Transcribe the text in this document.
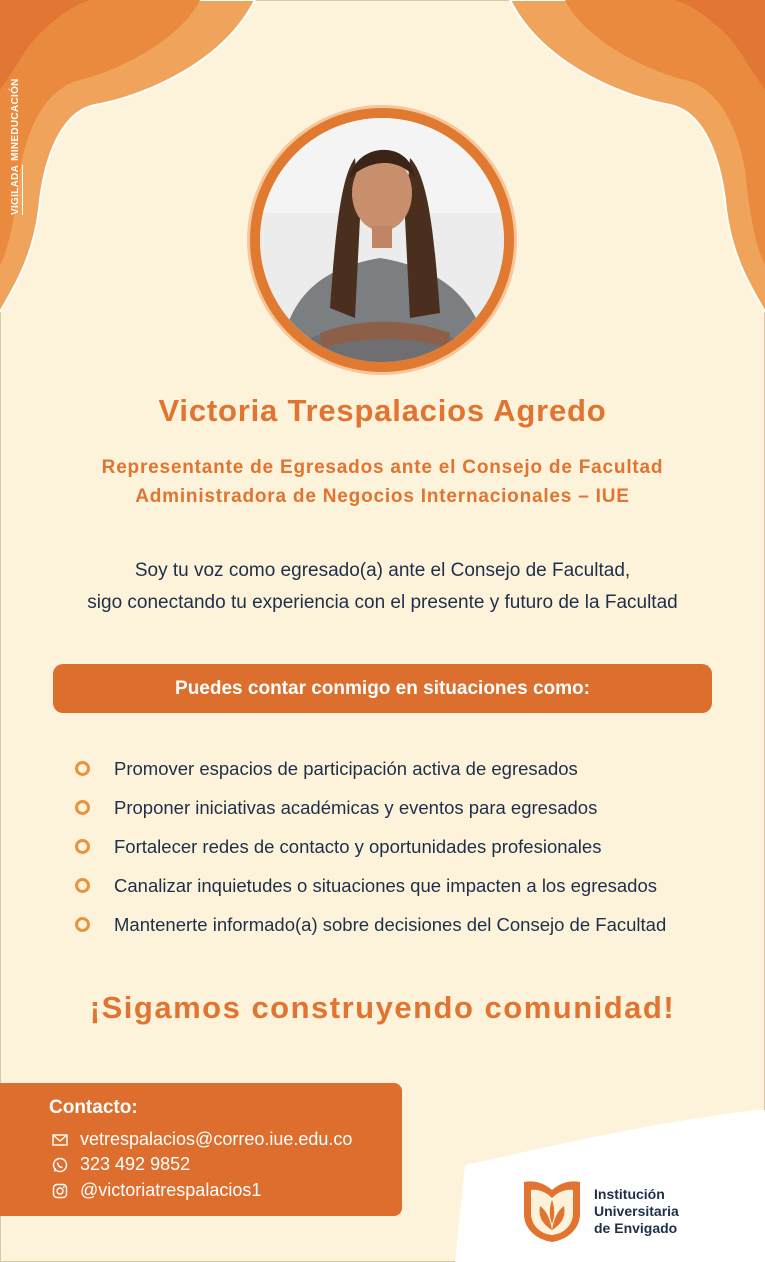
VIGILADAMINEDUCACIÓN
Victoria Trespalacios Agredo
Representante de Egresados ante el Consejo de Facultad
Administradora de Negocios Internacionales – IUE
Soy tu voz como egresado(a) ante el Consejo de Facultad,
sigo conectando tu experiencia con el presente y futuro de la Facultad
Puedes contar conmigo en situaciones como:
Promover espacios de participación activa de egresados
Proponer iniciativas académicas y eventos para egresados
Fortalecer redes de contacto y oportunidades profesionales
Canalizar inquietudes o situaciones que impacten a los egresados
Mantenerte informado(a) sobre decisiones del Consejo de Facultad
¡Sigamos construyendo comunidad!
Contacto:
vetrespalacios@correo.iue.edu.co
323 492 9852
@victoriatrespalacios1	Institución
Universitaria
de Envigado
